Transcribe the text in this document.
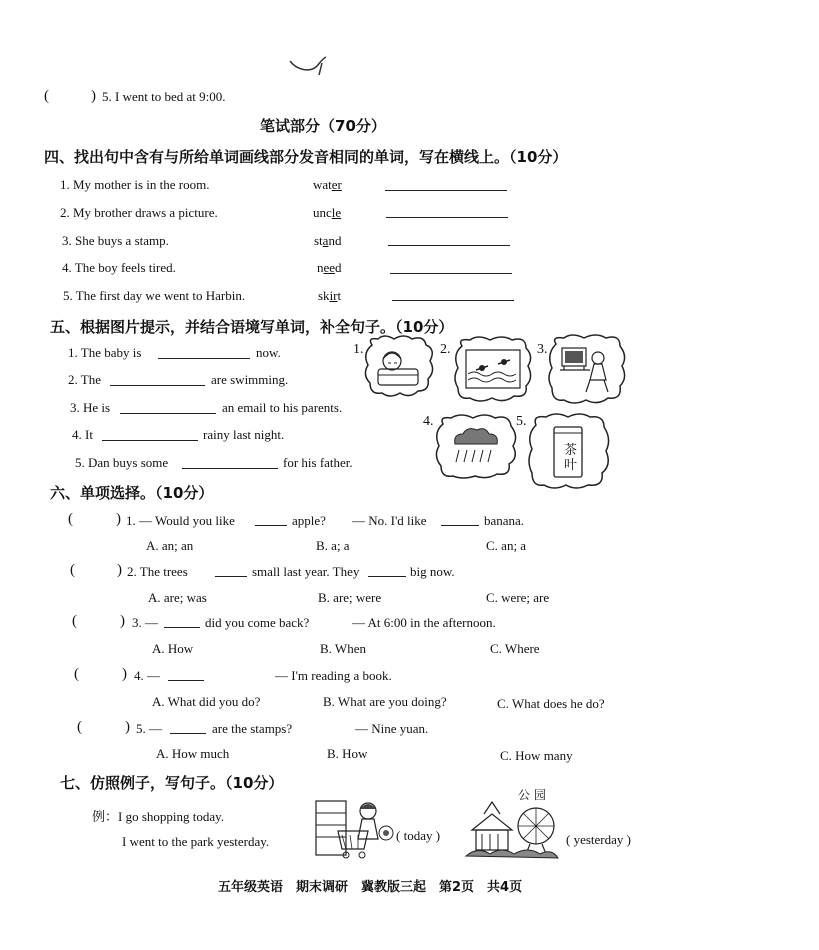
(	) 5. I went to bed at 9:00.
笔试部分（70分）
四、找出句中含有与所给单词画线部分发音相同的单词，写在横线上。（10分）
1. My mother is in the room.	water
2. My brother draws a picture.	uncle
3. She buys a stamp.	stand
4. The boy feels tired.	need
5. The first day we went to Harbin.	skirt
五、根据图片提示，并结合语境写单词，补全句子。（10分）
1. The baby is	now.
2. The	are swimming.
3. He is	an email to his parents.
4. It	rainy last night.
5. Dan buys some	for his father.
1.	2.	3.
4.	5.
茶叶
六、单项选择。（10分）
(	) 1. — Would you like	apple? — No. I'd like	banana.
A. an; an	B. a; a	C. an; a
(	) 2. The trees	small last year. They	big now.
A. are; was	B. are; were	C. were; are
(	) 3. —	did you come back?	— At 6:00 in the afternoon.
A. How	B. When	C. Where
(	) 4. —	— I'm reading a book.
A. What did you do?	B. What are you doing?	C. What does he do?
(	) 5. —	are the stamps?	— Nine yuan.
A. How much	B. How	C. How many
七、仿照例子，写句子。（10分）
例：I go shopping today.
I went to the park yesterday.	( today )
公 园
( yesterday )
五年级英语　期末调研　冀教版三起　第2页　共4页
